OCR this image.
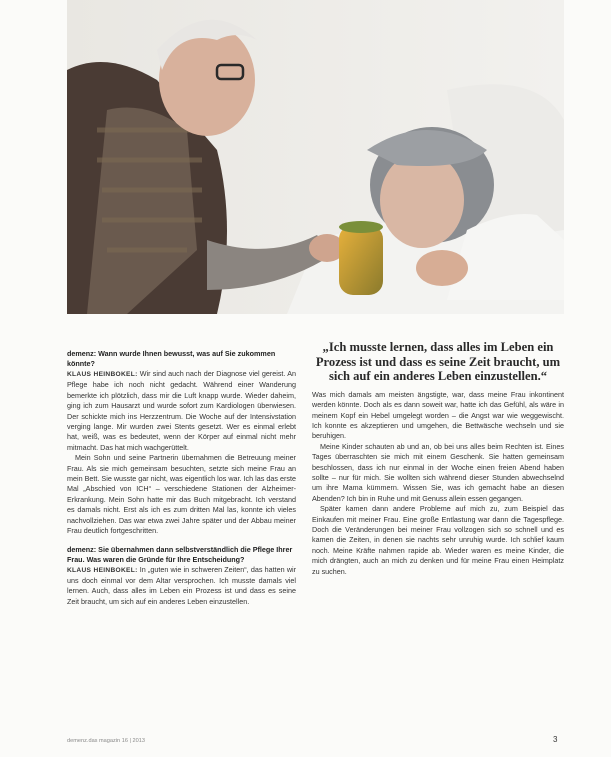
demenz: Wann wurde Ihnen bewusst, was auf Sie zukommen könnte?

KLAUS HEINBOKEL: Wir sind auch nach der Diagnose viel gereist. An Pflege habe ich noch nicht gedacht. Während einer Wanderung bemerkte ich plötzlich, dass mir die Luft knapp wurde. Wieder daheim, ging ich zum Hausarzt und wurde sofort zum Kardiologen überwiesen. Der schickte mich ins Herzzentrum. Die Woche auf der Intensivstation verging lange. Mir wurden zwei Stents gesetzt. Wer es einmal erlebt hat, weiß, was es bedeutet, wenn der Körper auf einmal nicht mehr mitmacht. Das hat mich wachgerüttelt.

Mein Sohn und seine Partnerin übernahmen die Betreuung meiner Frau. Als sie mich gemeinsam besuchten, setzte sich meine Frau an mein Bett. Sie wusste gar nicht, was eigentlich los war. Ich las das erste Mal „Abschied von ICH“ – verschiedene Stationen der Alzheimer-Erkrankung. Mein Sohn hatte mir das Buch mitgebracht. Ich verstand es damals nicht. Erst als ich es zum dritten Mal las, konnte ich vieles nachvollziehen. Das war etwa zwei Jahre später und der Abbau meiner Frau deutlich fortgeschritten.

demenz: Sie übernahmen dann selbstverständlich die Pflege Ihrer Frau. Was waren die Gründe für Ihre Entscheidung?

KLAUS HEINBOKEL: In „guten wie in schweren Zeiten“, das hatten wir uns doch einmal vor dem Altar versprochen. Ich musste damals viel lernen. Auch, dass alles im Leben ein Prozess ist und dass es seine Zeit braucht, um sich auf ein anderes Leben einzustellen.

„Ich musste lernen, dass alles im Leben ein Prozess ist und dass es seine Zeit braucht, um sich auf ein anderes Leben einzustellen.“

Was mich damals am meisten ängstigte, war, dass meine Frau inkontinent werden könnte. Doch als es dann soweit war, hatte ich das Gefühl, als wäre in meinem Kopf ein Hebel umgelegt worden – die Angst war wie weggewischt. Ich konnte es akzeptieren und umgehen, die Bettwäsche wechseln und sie beruhigen.

Meine Kinder schauten ab und an, ob bei uns alles beim Rechten ist. Eines Tages überraschten sie mich mit einem Geschenk. Sie hatten gemeinsam beschlossen, dass ich nur einmal in der Woche einen freien Abend haben sollte – nur für mich. Sie wollten sich während dieser Stunden abwechselnd um ihre Mama kümmern. Wissen Sie, was ich gemacht habe an diesen Abenden? Ich bin in Ruhe und mit Genuss allein essen gegangen.

Später kamen dann andere Probleme auf mich zu, zum Beispiel das Einkaufen mit meiner Frau. Eine große Entlastung war dann die Tagespflege. Doch die Veränderungen bei meiner Frau vollzogen sich so schnell und es kamen die Zeiten, in denen sie nachts sehr unruhig wurde. Ich schlief kaum noch. Meine Kräfte nahmen rapide ab. Wieder waren es meine Kinder, die mich drängten, auch an mich zu denken und für meine Frau einen Heimplatz zu suchen.

demenz.das magazin 16 | 2013	3
